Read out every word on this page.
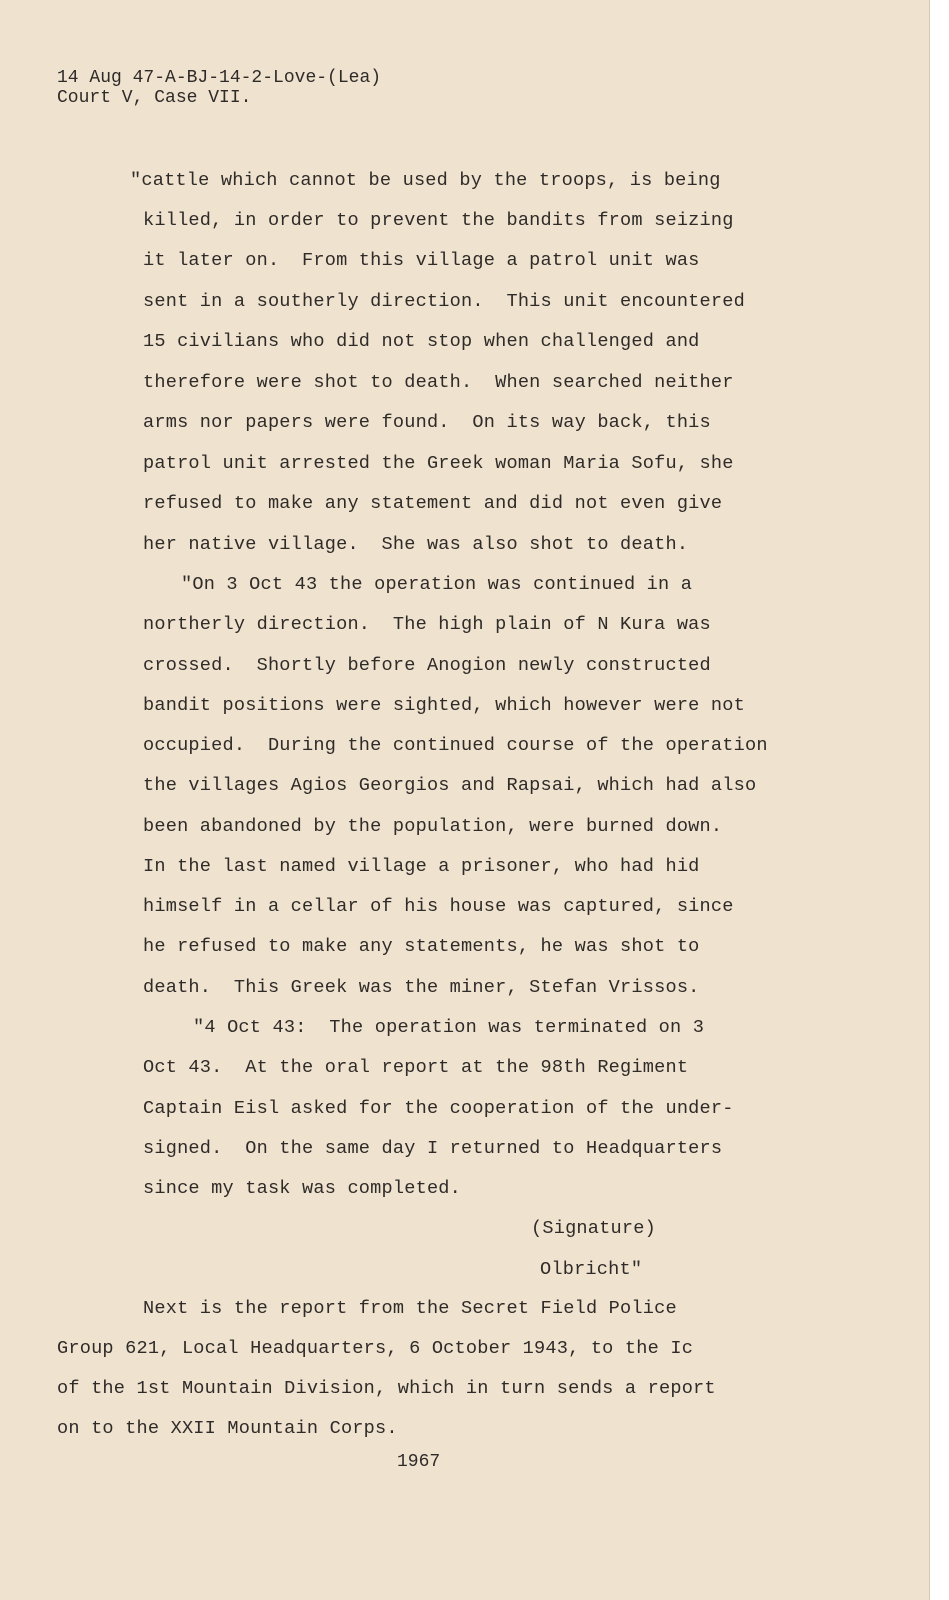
14 Aug 47-A-BJ-14-2-Love-(Lea)
Court V, Case VII.
"cattle which cannot be used by the troops, is being
killed, in order to prevent the bandits from seizing
it later on.  From this village a patrol unit was
sent in a southerly direction.  This unit encountered
15 civilians who did not stop when challenged and
therefore were shot to death.  When searched neither
arms nor papers were found.  On its way back, this
patrol unit arrested the Greek woman Maria Sofu, she
refused to make any statement and did not even give
her native village.  She was also shot to death.
"On 3 Oct 43 the operation was continued in a
northerly direction.  The high plain of N Kura was
crossed.  Shortly before Anogion newly constructed
bandit positions were sighted, which however were not
occupied.  During the continued course of the operation
the villages Agios Georgios and Rapsai, which had also
been abandoned by the population, were burned down.
In the last named village a prisoner, who had hid
himself in a cellar of his house was captured, since
he refused to make any statements, he was shot to
death.  This Greek was the miner, Stefan Vrissos.
"4 Oct 43:  The operation was terminated on 3
Oct 43.  At the oral report at the 98th Regiment
Captain Eisl asked for the cooperation of the under-
signed.  On the same day I returned to Headquarters
since my task was completed.
(Signature)
Olbricht"
Next is the report from the Secret Field Police
Group 621, Local Headquarters, 6 October 1943, to the Ic
of the 1st Mountain Division, which in turn sends a report
on to the XXII Mountain Corps.
1967
